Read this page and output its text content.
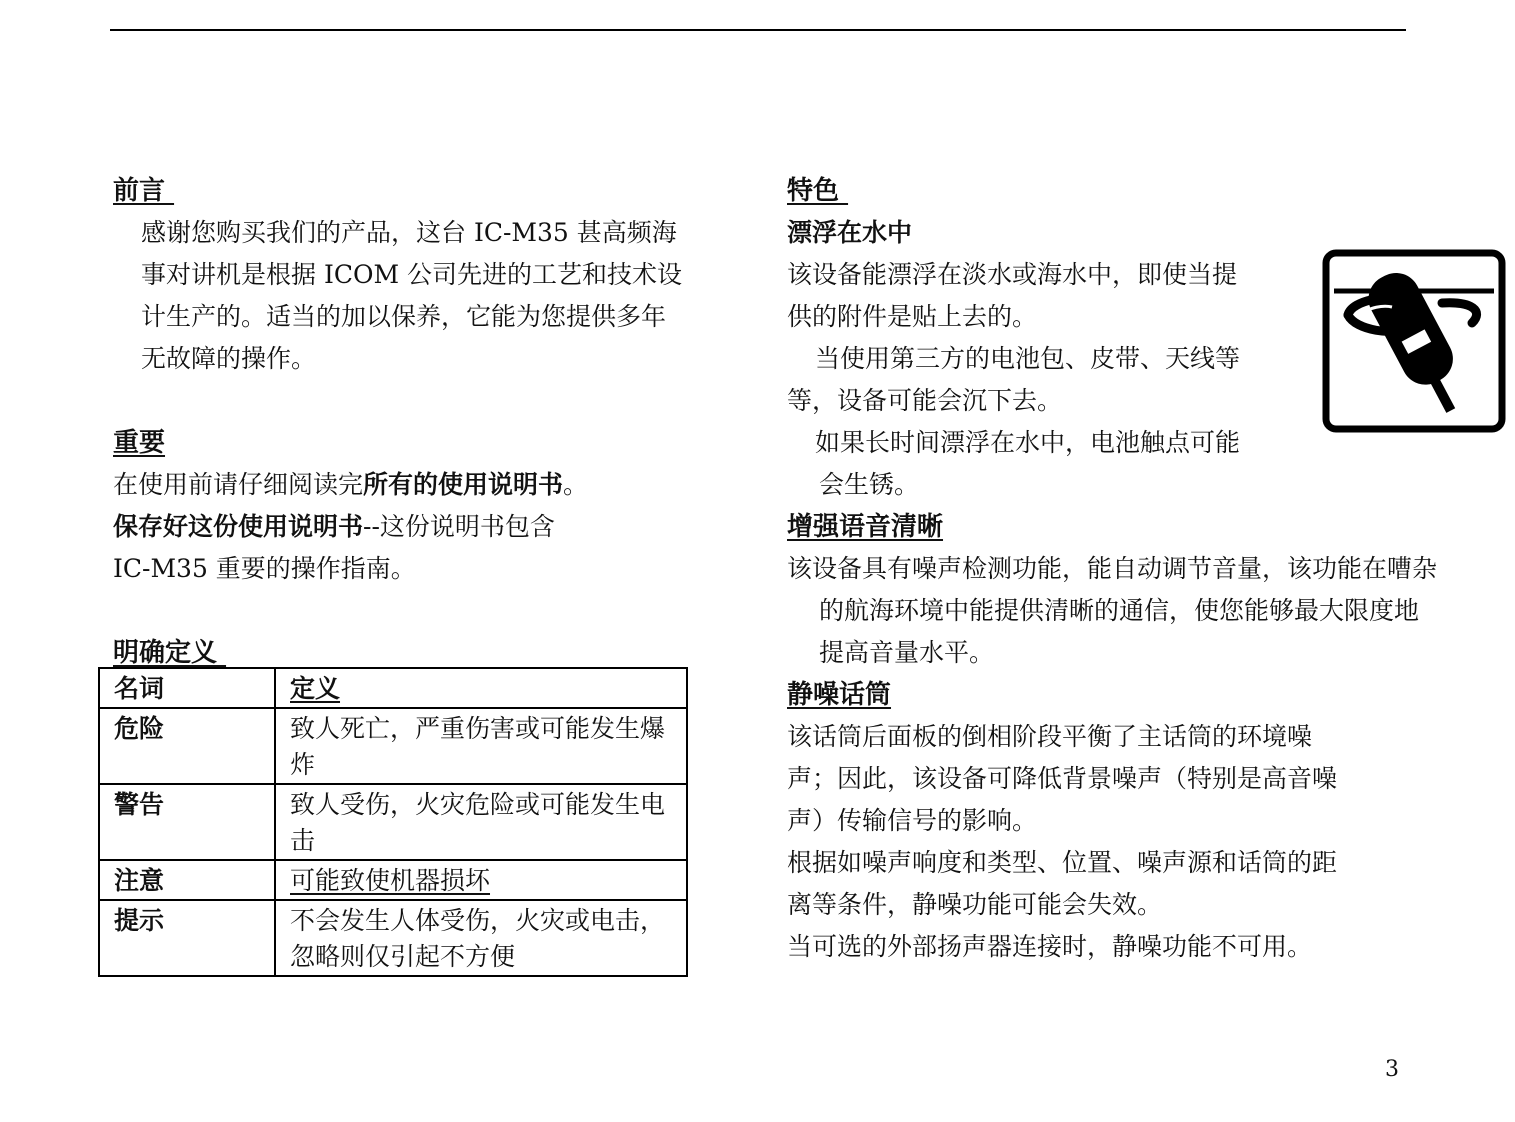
前言
感谢您购买我们的产品，这台 IC-M35 甚高频海
事对讲机是根据 ICOM 公司先进的工艺和技术设
计生产的。适当的加以保养，它能为您提供多年
无故障的操作。
重要
在使用前请仔细阅读完所有的使用说明书。
保存好这份使用说明书--这份说明书包含
IC-M35 重要的操作指南。
明确定义
名词	定义
危险	致人死亡，严重伤害或可能发生爆炸
警告	致人受伤，火灾危险或可能发生电击
注意	可能致使机器损坏
提示	不会发生人体受伤，火灾或电击，忽略则仅引起不方便
特色
漂浮在水中
该设备能漂浮在淡水或海水中，即使当提
供的附件是贴上去的。
当使用第三方的电池包、皮带、天线等
等，设备可能会沉下去。
如果长时间漂浮在水中，电池触点可能
会生锈。
增强语音清晰
该设备具有噪声检测功能，能自动调节音量，该功能在嘈杂的航海环境中能提供清晰的通信，使您能够最大限度地提高音量水平。
静噪话筒
该话筒后面板的倒相阶段平衡了主话筒的环境噪
声；因此，该设备可降低背景噪声（特别是高音噪
声）传输信号的影响。
根据如噪声响度和类型、位置、噪声源和话筒的距
离等条件，静噪功能可能会失效。
当可选的外部扬声器连接时，静噪功能不可用。
3
